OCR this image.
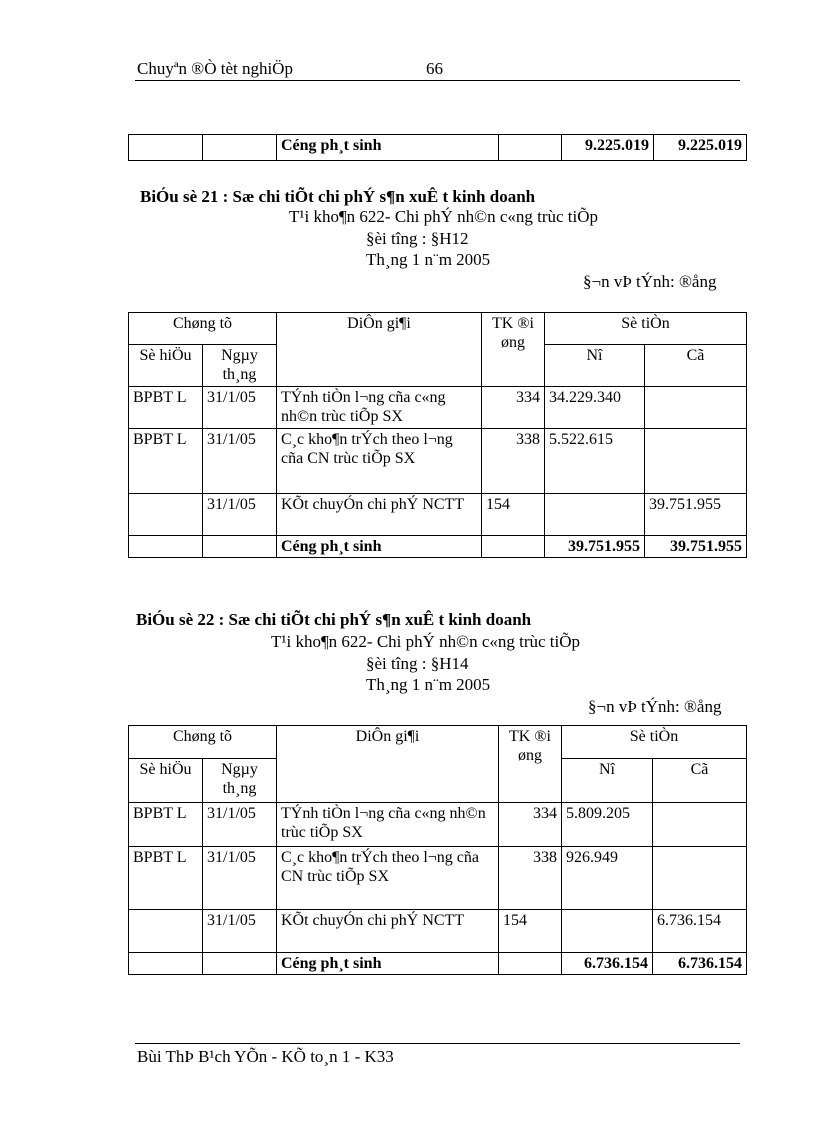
Chuyªn ®Ò tèt nghiÖp	66
		Céng ph¸t sinh		9.225.019	9.225.019
BiÓu sè 21 : Sæ chi tiÕt chi phÝ s¶n xuÊ t kinh doanh
T¹i kho¶n 622- Chi phÝ nh©n c«ng trùc tiÕp
§èi tîng : §H12
Th¸ng 1 n¨m 2005
§¬n vÞ tÝnh: ®ång
Chøng tõ		DiÔn gi¶i	TK ®i øng	Sè tiÒn	
Sè hiÖu	Ngµy th¸ng			Nî	Cã
BPBT L	31/1/05	TÝnh tiÒn l¬ng cña c«ng nh©n trùc tiÕp SX	334	34.229.340	
BPBT L	31/1/05	C¸c kho¶n trÝch theo l¬ng cña CN trùc tiÕp SX	338	5.522.615	
	31/1/05	KÕt chuyÓn chi phÝ NCTT	154		39.751.955
		Céng ph¸t sinh		39.751.955	39.751.955
BiÓu sè 22 : Sæ chi tiÕt chi phÝ s¶n xuÊ t kinh doanh
T¹i kho¶n 622- Chi phÝ nh©n c«ng trùc tiÕp
§èi tîng : §H14
Th¸ng 1 n¨m 2005
§¬n vÞ tÝnh: ®ång
Chøng tõ		DiÔn gi¶i	TK ®i øng	Sè tiÒn	
Sè hiÖu	Ngµy th¸ng			Nî	Cã
BPBT L	31/1/05	TÝnh tiÒn l¬ng cña c«ng nh©n trùc tiÕp SX	334	5.809.205	
BPBT L	31/1/05	C¸c kho¶n trÝch theo l¬ng cña CN trùc tiÕp SX	338	926.949	
	31/1/05	KÕt chuyÓn chi phÝ NCTT	154		6.736.154
		Céng ph¸t sinh		6.736.154	6.736.154
Bùi ThÞ B¹ch YÕn - KÕ to¸n 1 - K33
